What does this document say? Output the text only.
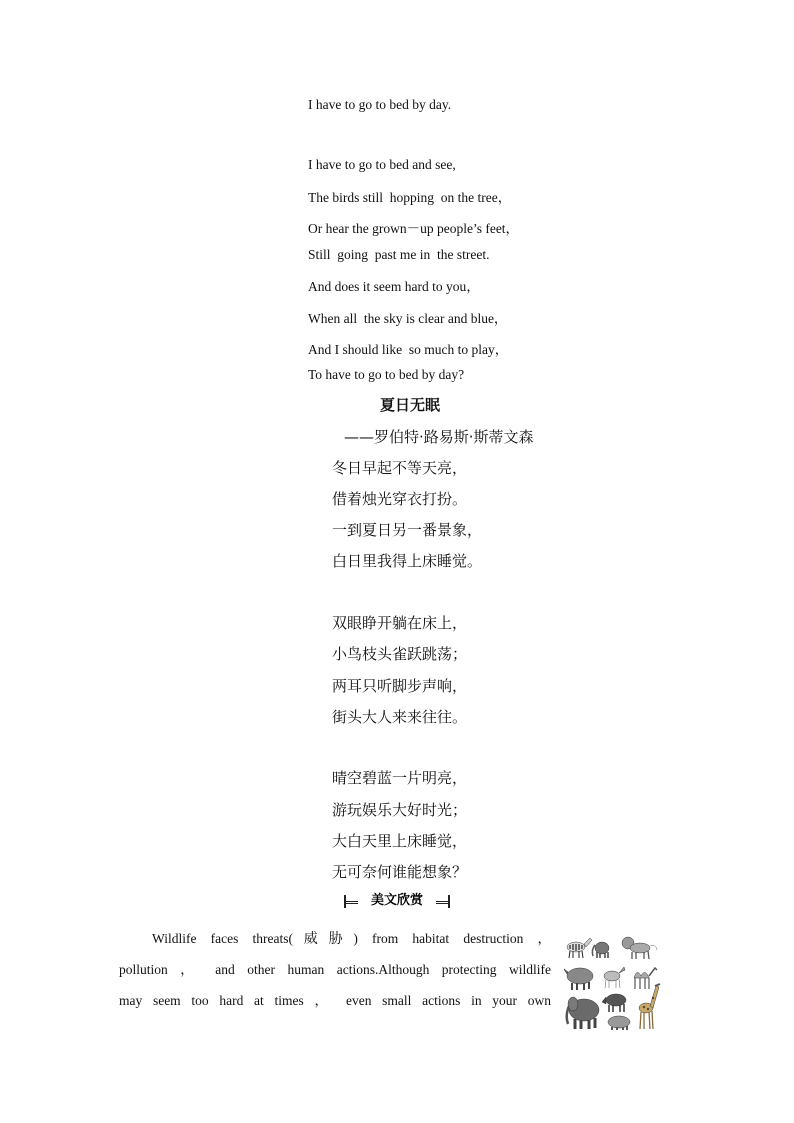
I have to go to bed by day.
I have to go to bed and see,
The birds still  hopping  on the tree，
Or hear the grown－up people’s feet，
Still  going  past me in  the street.
And does it seem hard to you，
When all  the sky is clear and blue，
And I should like  so much to play，
To have to go to bed by day?
夏日无眠
——罗伯特·路易斯·斯蒂文森
冬日早起不等天亮，
借着烛光穿衣打扮。
一到夏日另一番景象，
白日里我得上床睡觉。
双眼睁开躺在床上，
小鸟枝头雀跃跳荡；
两耳只听脚步声响，
街头大人来来往往。
晴空碧蓝一片明亮，
游玩娱乐大好时光；
大白天里上床睡觉，
无可奈何谁能想象？
美文欣赏
Wildlife faces threats(威胁) from habitat destruction ，
pollution ， and other human actions.Although protecting wildlife
may seem too hard at times ， even small actions in your own
